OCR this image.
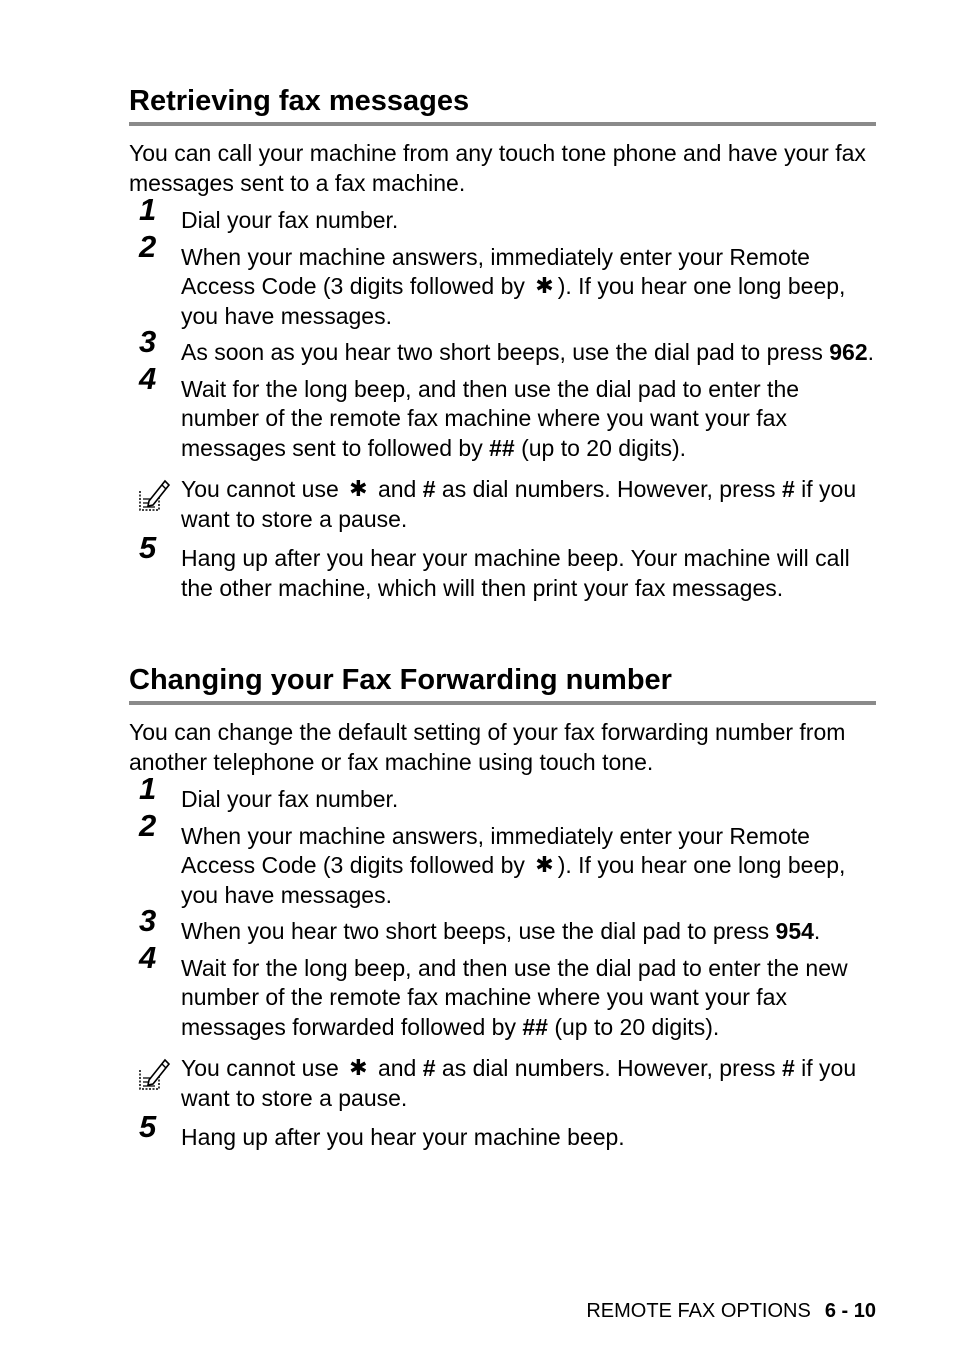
Retrieving fax messages

You can call your machine from any touch tone phone and have your fax messages sent to a fax machine.

1 Dial your fax number.
2 When your machine answers, immediately enter your Remote Access Code (3 digits followed by ✱ ). If you hear one long beep, you have messages.
3 As soon as you hear two short beeps, use the dial pad to press 962.
4 Wait for the long beep, and then use the dial pad to enter the number of the remote fax machine where you want your fax messages sent to followed by ## (up to 20 digits).
You cannot use ✱ and # as dial numbers. However, press # if you want to store a pause.
5 Hang up after you hear your machine beep. Your machine will call the other machine, which will then print your fax messages.
Changing your Fax Forwarding number

You can change the default setting of your fax forwarding number from another telephone or fax machine using touch tone.

1 Dial your fax number.
2 When your machine answers, immediately enter your Remote Access Code (3 digits followed by ✱ ). If you hear one long beep, you have messages.
3 When you hear two short beeps, use the dial pad to press 954.
4 Wait for the long beep, and then use the dial pad to enter the new number of the remote fax machine where you want your fax messages forwarded followed by ## (up to 20 digits).
You cannot use ✱ and # as dial numbers. However, press # if you want to store a pause.
5 Hang up after you hear your machine beep.
REMOTE FAX OPTIONS 6 - 10
